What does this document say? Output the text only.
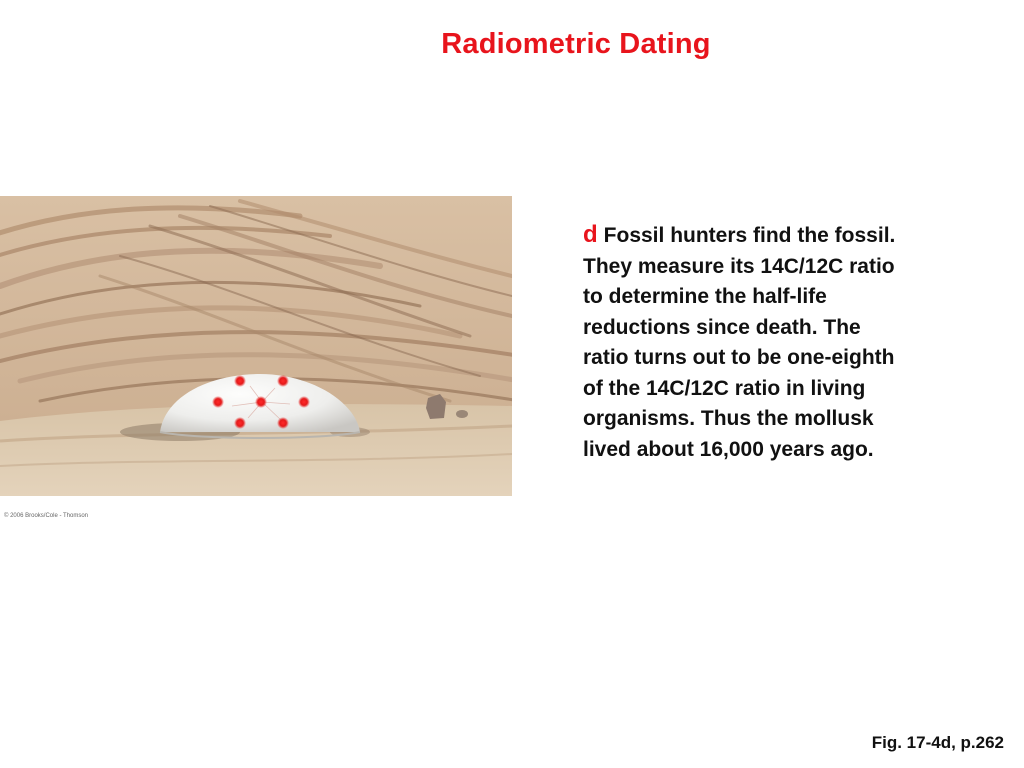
Radiometric Dating
© 2006 Brooks/Cole - Thomson
d Fossil hunters find the fossil.
They measure its 14C/12C ratio
to determine the half-life
reductions since death. The
ratio turns out to be one-eighth
of the 14C/12C ratio in living
organisms. Thus the mollusk
lived about 16,000 years ago.
Fig. 17-4d, p.262
